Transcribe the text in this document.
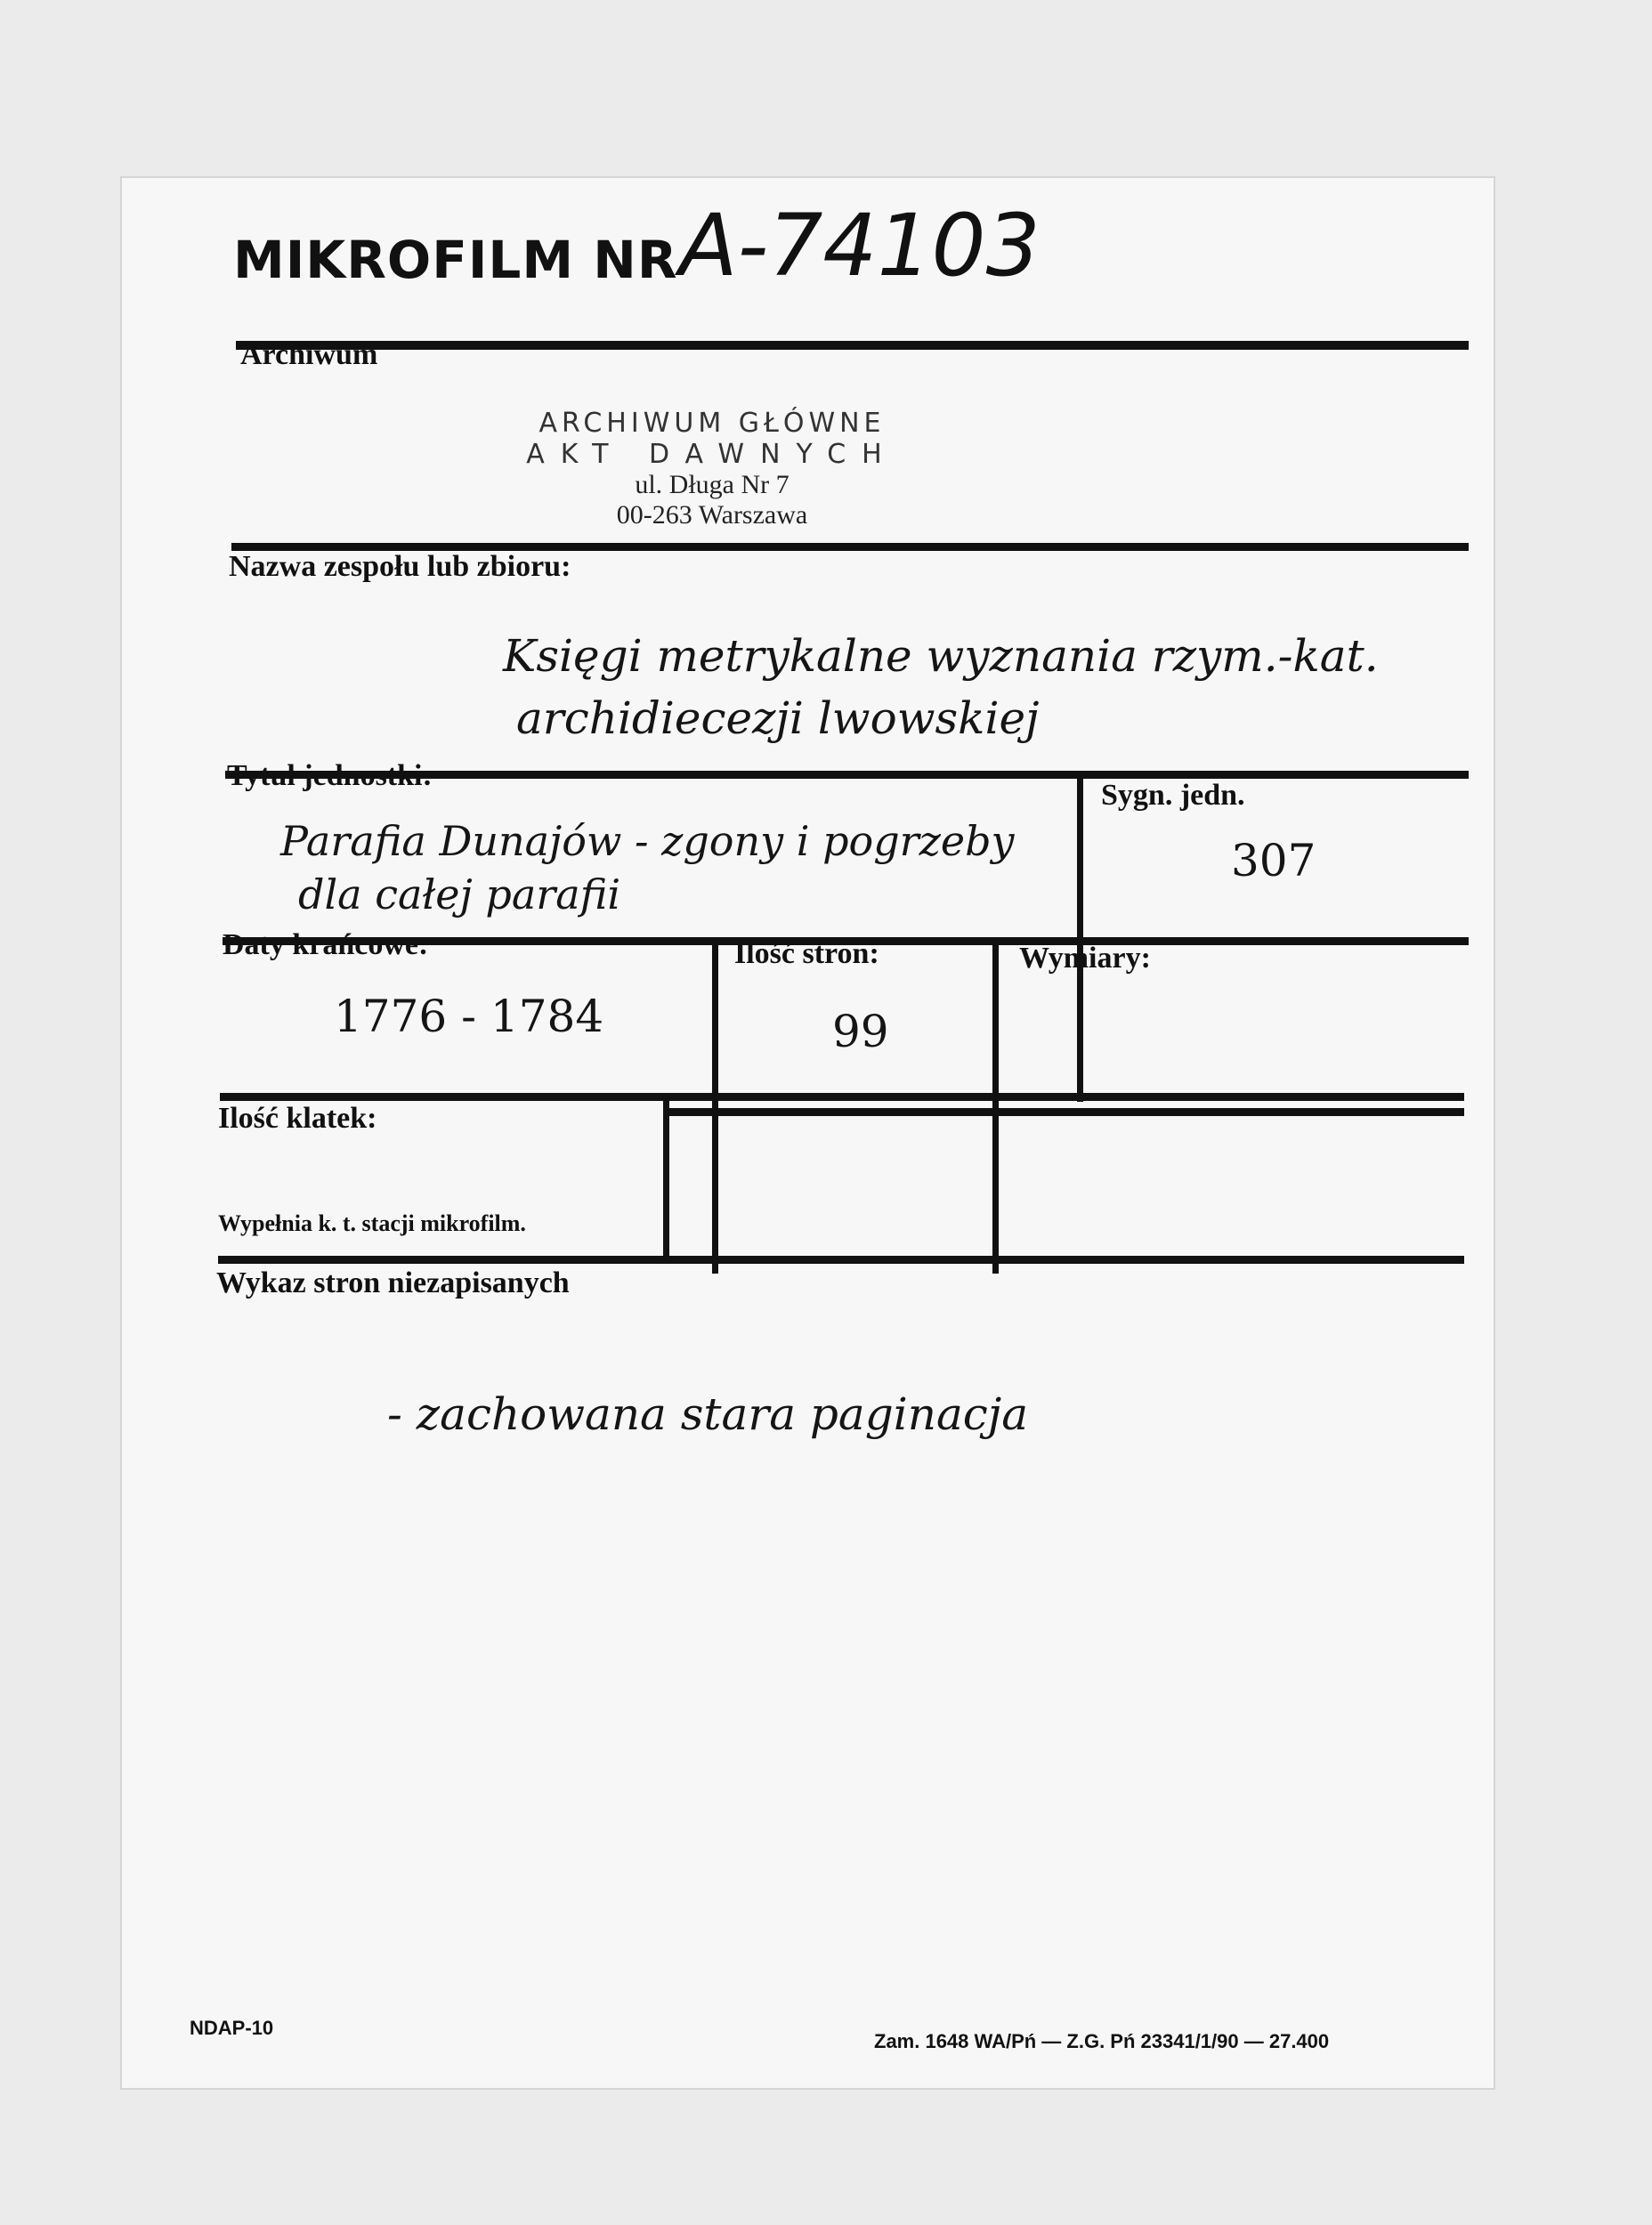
MIKROFILM NR A-74103
Archiwum
ARCHIWUM GŁÓWNE
AKT DAWNYCH
ul. Długa Nr 7
00-263 Warszawa
Nazwa zespołu lub zbioru:
Księgi metrykalne wyznania rzym.-kat.
archidiecezji lwowskiej
Tytuł jednostki:
Parafia Dunajów - zgony i pogrzeby
dla całej parafii
Sygn. jedn.
307
Daty krańcowe:
1776 - 1784
Ilość stron:
99
Wymiary:
Ilość klatek:
Wypełnia k. t. stacji mikrofilm.
Wykaz stron niezapisanych
- zachowana stara paginacja
NDAP-10
Zam. 1648 WA/Pń — Z.G. Pń 23341/1/90 — 27.400
